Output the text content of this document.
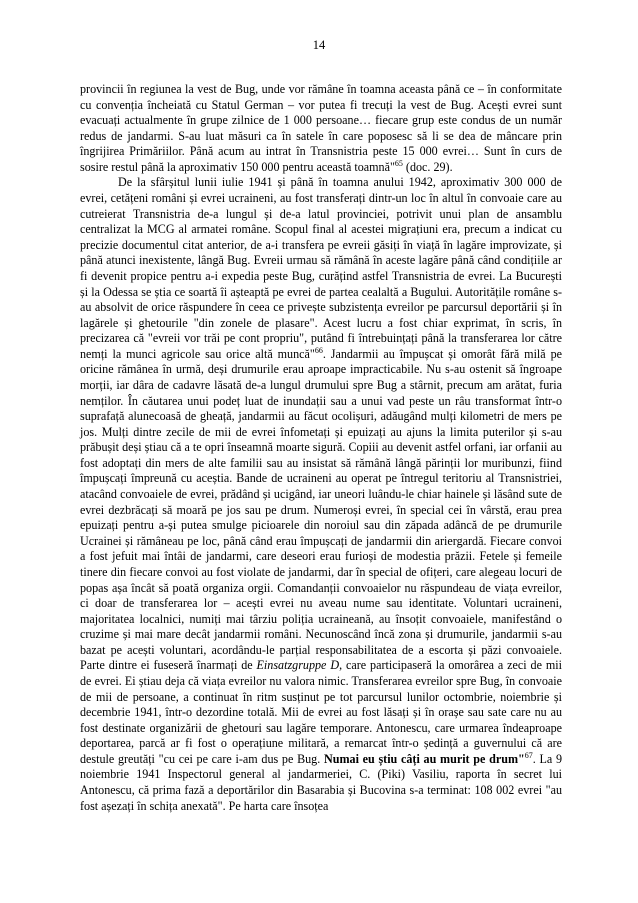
14

provincii în regiunea la vest de Bug, unde vor rămâne în toamna aceasta până ce – în conformitate cu convenția încheiată cu Statul German – vor putea fi trecuți la vest de Bug. Acești evrei sunt evacuați actualmente în grupe zilnice de 1 000 persoane… fiecare grup este condus de un număr redus de jandarmi. S-au luat măsuri ca în satele în care poposesc să li se dea de mâncare prin îngrijirea Primăriilor. Până acum au intrat în Transnistria peste 15 000 evrei… Sunt în curs de sosire restul până la aproximativ 150 000 pentru această toamnă"$^{65}$ (doc. 29).

De la sfârșitul lunii iulie 1941 și până în toamna anului 1942, aproximativ 300 000 de evrei, cetățeni români și evrei ucraineni, au fost transferați dintr-un loc în altul în convoaie care au cutreierat Transnistria de-a lungul și de-a latul provinciei, potrivit unui plan de ansamblu centralizat la MCG al armatei române. Scopul final al acestei migrațiuni era, precum a indicat cu precizie documentul citat anterior, de a-i transfera pe evreii găsiți în viață în lagăre improvizate, și până atunci inexistente, lângă Bug. Evreii urmau să rămână în aceste lagăre până când condițiile ar fi devenit propice pentru a-i expedia peste Bug, curățind astfel Transnistria de evrei. La București și la Odessa se știa ce soartă îi așteaptă pe evrei de partea cealaltă a Bugului. Autoritățile române s-au absolvit de orice răspundere în ceea ce privește subzistența evreilor pe parcursul deportării și în lagărele și ghetourile "din zonele de plasare". Acest lucru a fost chiar exprimat, în scris, în precizarea că "evreii vor trăi pe cont propriu", putând fi întrebuințați până la transferarea lor către nemți la munci agricole sau orice altă muncă"$^{66}$. Jandarmii au împușcat și omorât fără milă pe oricine rămânea în urmă, deși drumurile erau aproape impracticabile. Nu s-au ostenit să îngroape morții, iar dâra de cadavre lăsată de-a lungul drumului spre Bug a stârnit, precum am arătat, furia nemților. În căutarea unui podeț luat de inundații sau a unui vad peste un râu transformat într-o suprafață alunecoasă de gheață, jandarmii au făcut ocolișuri, adăugând mulți kilometri de mers pe jos. Mulți dintre zecile de mii de evrei înfometați și epuizați au ajuns la limita puterilor și s-au prăbușit deși știau că a te opri înseamnă moarte sigură. Copiii au devenit astfel orfani, iar orfanii au fost adoptați din mers de alte familii sau au insistat să rămână lângă părinții lor muribunzi, fiind împușcați împreună cu aceștia. Bande de ucraineni au operat pe întregul teritoriu al Transnistriei, atacând convoaiele de evrei, prădând și ucigând, iar uneori luându-le chiar hainele și lăsând sute de evrei dezbrăcați să moară pe jos sau pe drum. Numeroși evrei, în special cei în vârstă, erau prea epuizați pentru a-și putea smulge picioarele din noroiul sau din zăpada adâncă de pe drumurile Ucrainei și rămâneau pe loc, până când erau împușcați de jandarmii din ariergardă. Fiecare convoi a fost jefuit mai întâi de jandarmi, care deseori erau furioși de modestia prăzii. Fetele și femeile tinere din fiecare convoi au fost violate de jandarmi, dar în special de ofițeri, care alegeau locuri de popas așa încât să poată organiza orgii. Comandanții convoaielor nu răspundeau de viața evreilor, ci doar de transferarea lor – acești evrei nu aveau nume sau identitate. Voluntari ucraineni, majoritatea localnici, numiți mai târziu poliția ucraineană, au însoțit convoaiele, manifestând o cruzime și mai mare decât jandarmii români. Necunoscând încă zona și drumurile, jandarmii s-au bazat pe acești voluntari, acordându-le parțial responsabilitatea de a escorta și păzi convoaiele. Parte dintre ei fuseseră înarmați de Einsatzgruppe D, care participaseră la omorârea a zeci de mii de evrei. Ei știau deja că viața evreilor nu valora nimic. Transferarea evreilor spre Bug, în convoaie de mii de persoane, a continuat în ritm susținut pe tot parcursul lunilor octombrie, noiembrie și decembrie 1941, într-o dezordine totală. Mii de evrei au fost lăsați și în orașe sau sate care nu au fost destinate organizării de ghetouri sau lagăre temporare. Antonescu, care urmarea îndeaproape deportarea, parcă ar fi fost o operațiune militară, a remarcat într-o ședință a guvernului că are destule greutăți "cu cei pe care i-am dus pe Bug. Numai eu știu câți au murit pe drum"$^{67}$. La 9 noiembrie 1941 Inspectorul general al jandarmeriei, C. (Piki) Vasiliu, raporta în secret lui Antonescu, că prima fază a deportărilor din Basarabia și Bucovina s-a terminat: 108 002 evrei "au fost așezați în schița anexată". Pe harta care însoțea
